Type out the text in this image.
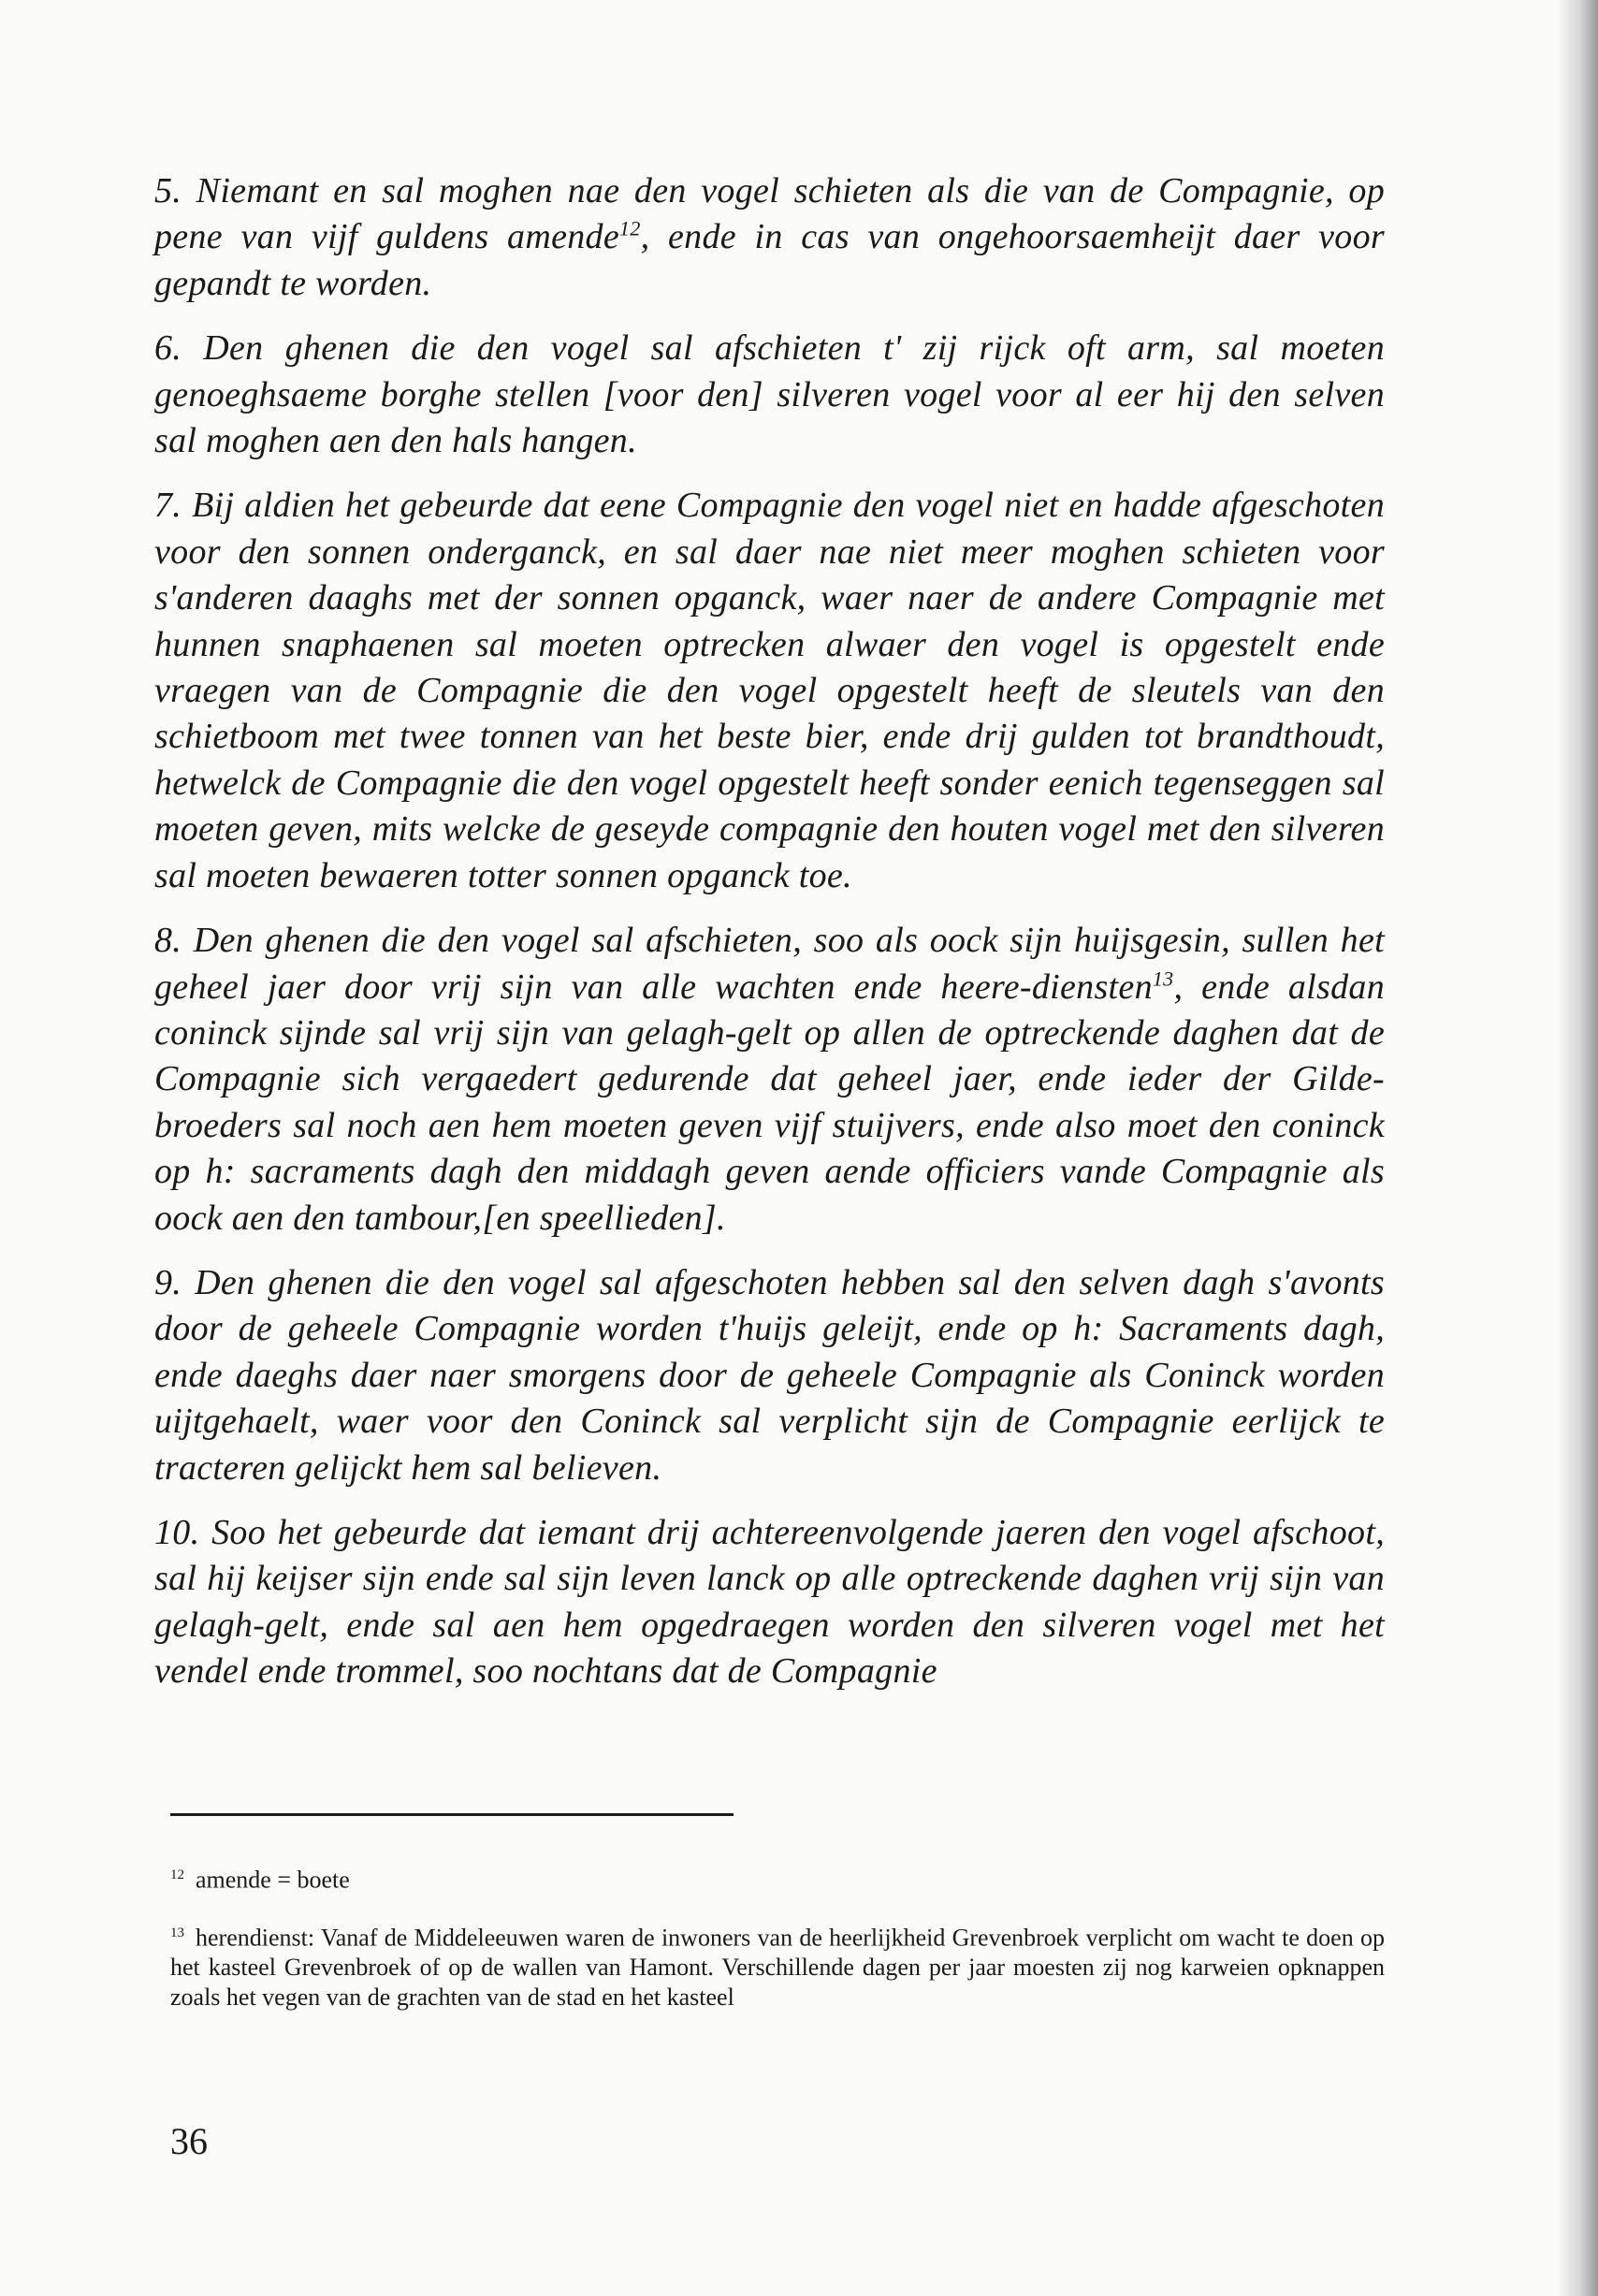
5. Niemant en sal moghen nae den vogel schieten als die van de Compagnie, op pene van vijf guldens amende$^{12}$, ende in cas van ongehoorsaemheijt daer voor gepandt te worden.

6. Den ghenen die den vogel sal afschieten t' zij rijck oft arm, sal moeten genoeghsaeme borghe stellen [voor den] silveren vogel voor al eer hij den selven sal moghen aen den hals hangen.

7. Bij aldien het gebeurde dat eene Compagnie den vogel niet en hadde afgeschoten voor den sonnen onderganck, en sal daer nae niet meer moghen schieten voor s'anderen daaghs met der sonnen opganck, waer naer de andere Compagnie met hunnen snaphaenen sal moeten optrecken alwaer den vogel is opgestelt ende vraegen van de Compagnie die den vogel opgestelt heeft de sleutels van den schietboom met twee tonnen van het beste bier, ende drij gulden tot brandthoudt, hetwelck de Compagnie die den vogel opgestelt heeft sonder eenich tegenseggen sal moeten geven, mits welcke de geseyde compagnie den houten vogel met den silveren sal moeten bewaeren totter sonnen opganck toe.

8. Den ghenen die den vogel sal afschieten, soo als oock sijn huijsgesin, sullen het geheel jaer door vrij sijn van alle wachten ende heere-diensten$^{13}$, ende alsdan coninck sijnde sal vrij sijn van gelagh-gelt op allen de optreckende daghen dat de Compagnie sich vergaedert gedurende dat geheel jaer, ende ieder der Gilde-broeders sal noch aen hem moeten geven vijf stuijvers, ende also moet den coninck op h: sacraments dagh den middagh geven aende officiers vande Compagnie als oock aen den tambour,[en speellieden].

9. Den ghenen die den vogel sal afgeschoten hebben sal den selven dagh s'avonts door de geheele Compagnie worden t'huijs geleijt, ende op h: Sacraments dagh, ende daeghs daer naer smorgens door de geheele Compagnie als Coninck worden uijtgehaelt, waer voor den Coninck sal verplicht sijn de Compagnie eerlijck te tracteren gelijckt hem sal believen.

10. Soo het gebeurde dat iemant drij achtereenvolgende jaeren den vogel afschoot, sal hij keijser sijn ende sal sijn leven lanck op alle optreckende daghen vrij sijn van gelagh-gelt, ende sal aen hem opgedraegen worden den silveren vogel met het vendel ende trommel, soo nochtans dat de Compagnie

$^{12}$ amende = boete

$^{13}$ herendienst: Vanaf de Middeleeuwen waren de inwoners van de heerlijkheid Grevenbroek verplicht om wacht te doen op het kasteel Grevenbroek of op de wallen van Hamont. Verschillende dagen per jaar moesten zij nog karweien opknappen zoals het vegen van de grachten van de stad en het kasteel

36
